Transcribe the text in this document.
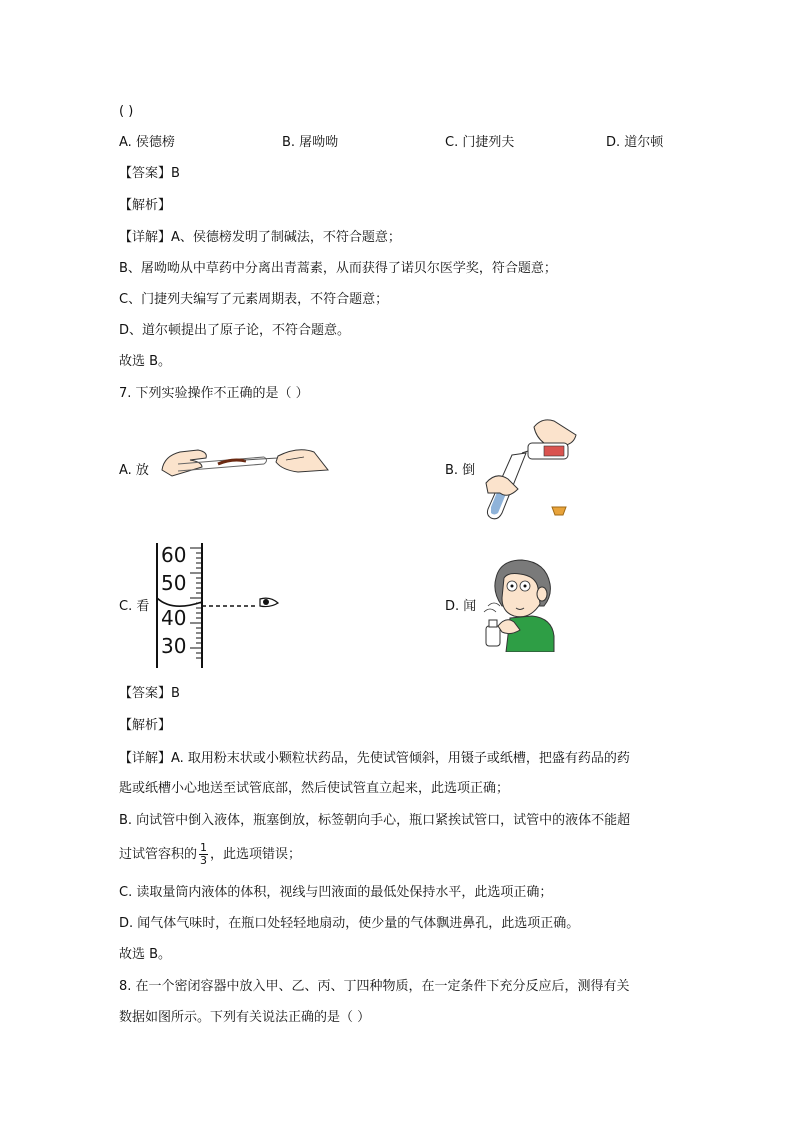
( )
A. 侯德榜	B. 屠呦呦	C. 门捷列夫	D. 道尔顿
【答案】B
【解析】
【详解】A、侯德榜发明了制碱法，不符合题意；
B、屠呦呦从中草药中分离出青蒿素，从而获得了诺贝尔医学奖，符合题意；
C、门捷列夫编写了元素周期表，不符合题意；
D、道尔顿提出了原子论，不符合题意。
故选 B。
7. 下列实验操作不正确的是（ ）
A. 放	B. 倒
C. 看
60
50
40
30
D. 闻
【答案】B
【解析】
【详解】A. 取用粉末状或小颗粒状药品，先使试管倾斜，用镊子或纸槽，把盛有药品的药
匙或纸槽小心地送至试管底部，然后使试管直立起来，此选项正确；
B. 向试管中倒入液体，瓶塞倒放，标签朝向手心，瓶口紧挨试管口，试管中的液体不能超
过试管容积的 $\frac{1}{3}$ ，此选项错误；
C. 读取量筒内液体的体积，视线与凹液面的最低处保持水平，此选项正确；
D. 闻气体气味时，在瓶口处轻轻地扇动，使少量的气体飘进鼻孔，此选项正确。
故选 B。
8. 在一个密闭容器中放入甲、乙、丙、丁四种物质，在一定条件下充分反应后，测得有关
数据如图所示。下列有关说法正确的是（ ）
